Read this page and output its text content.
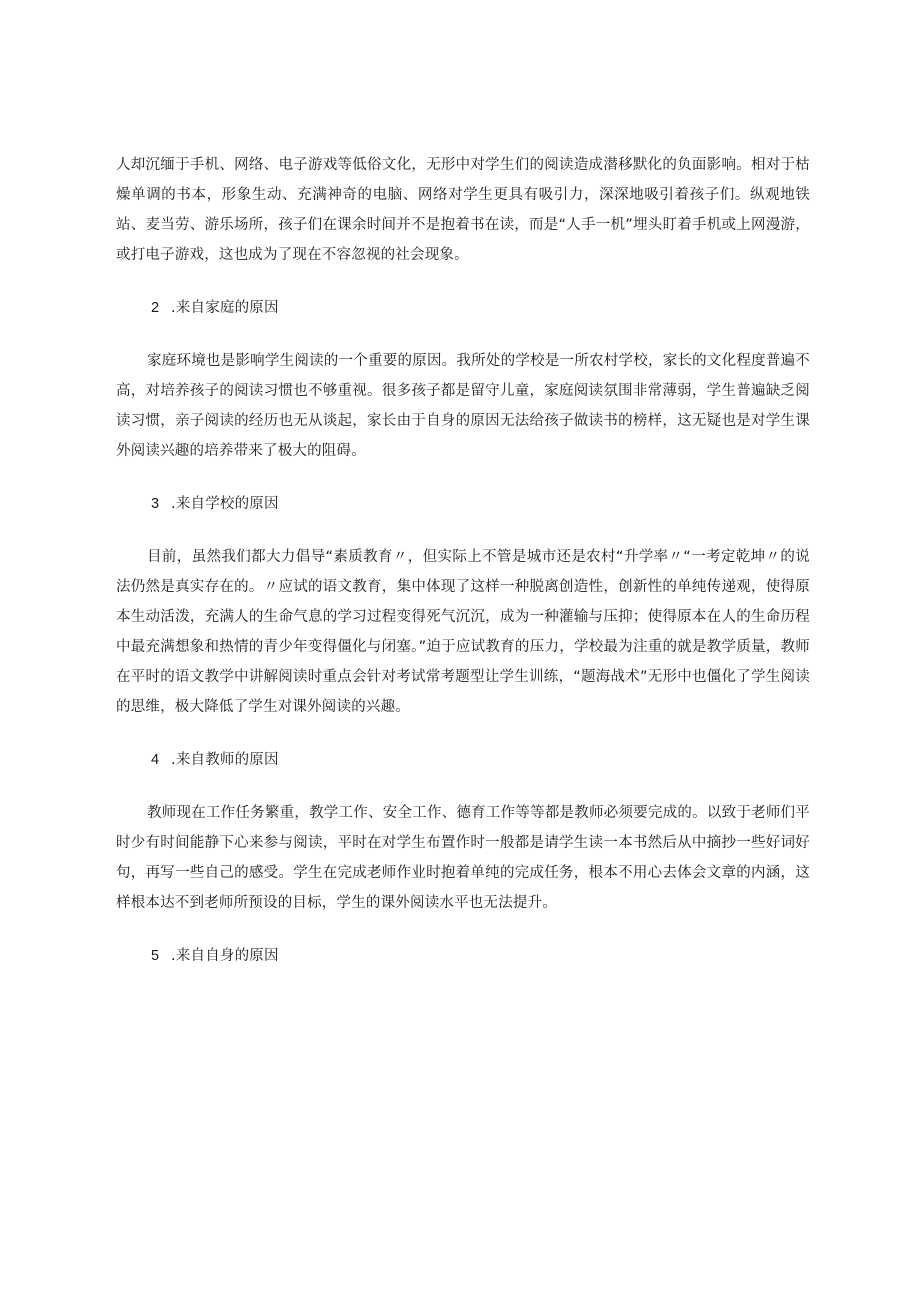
人却沉缅于手机、网络、电子游戏等低俗文化，无形中对学生们的阅读造成潜移默化的负面影响。相对于枯燥单调的书本，形象生动、充满神奇的电脑、网络对学生更具有吸引力，深深地吸引着孩子们。纵观地铁站、麦当劳、游乐场所，孩子们在课余时间并不是抱着书在读，而是“人手一机”埋头盯着手机或上网漫游，或打电子游戏，这也成为了现在不容忽视的社会现象。

2 .来自家庭的原因

家庭环境也是影响学生阅读的一个重要的原因。我所处的学校是一所农村学校，家长的文化程度普遍不高，对培养孩子的阅读习惯也不够重视。很多孩子都是留守儿童，家庭阅读氛围非常薄弱，学生普遍缺乏阅读习惯，亲子阅读的经历也无从谈起，家长由于自身的原因无法给孩子做读书的榜样，这无疑也是对学生课外阅读兴趣的培养带来了极大的阻碍。

3 .来自学校的原因

目前，虽然我们都大力倡导“素质教育〃，但实际上不管是城市还是农村“升学率〃“一考定乾坤〃的说法仍然是真实存在的。〃应试的语文教育，集中体现了这样一种脱离创造性，创新性的单纯传递观，使得原本生动活泼，充满人的生命气息的学习过程变得死气沉沉，成为一种灌输与压抑；使得原本在人的生命历程中最充满想象和热情的青少年变得僵化与闭塞。”迫于应试教育的压力，学校最为注重的就是教学质量，教师在平时的语文教学中讲解阅读时重点会针对考试常考题型让学生训练，“题海战术”无形中也僵化了学生阅读的思维，极大降低了学生对课外阅读的兴趣。

4 .来自教师的原因

教师现在工作任务繁重，教学工作、安全工作、德育工作等等都是教师必须要完成的。以致于老师们平时少有时间能静下心来参与阅读，平时在对学生布置作时一般都是请学生读一本书然后从中摘抄一些好词好句，再写一些自己的感受。学生在完成老师作业时抱着单纯的完成任务，根本不用心去体会文章的内涵，这样根本达不到老师所预设的目标，学生的课外阅读水平也无法提升。

5 .来自自身的原因
